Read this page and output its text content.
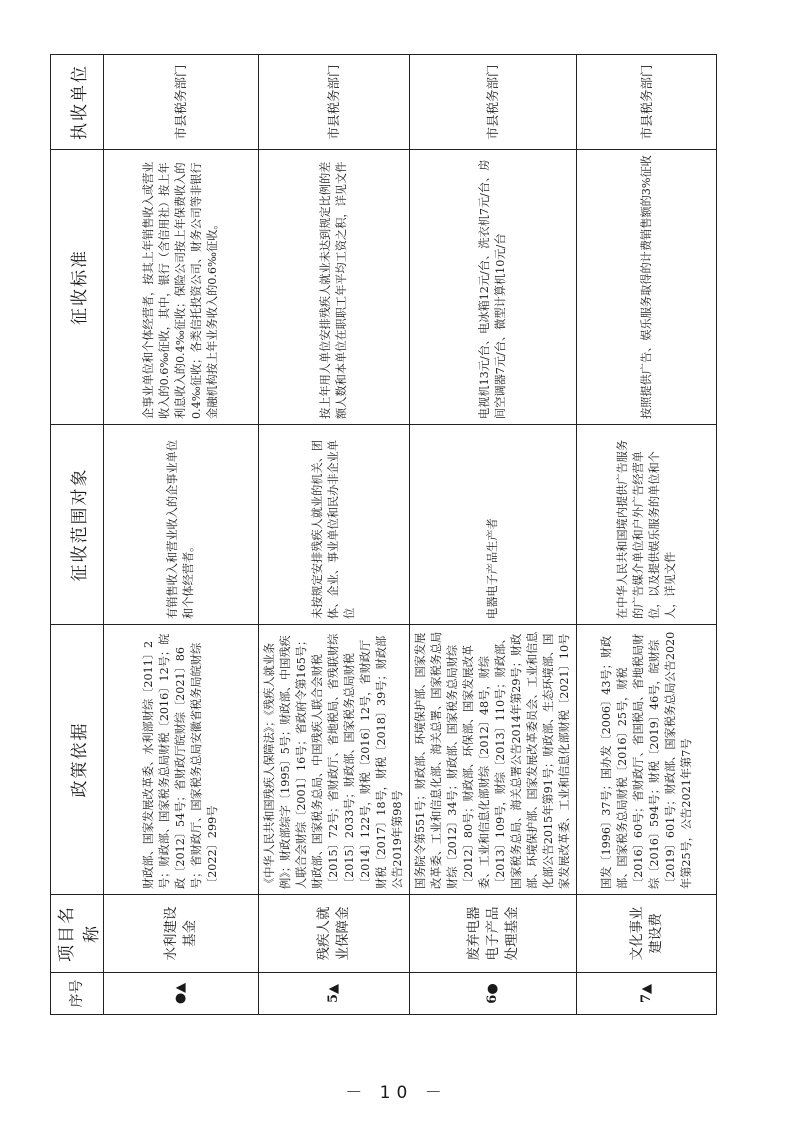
序号	项目名称	政策依据	征收范围对象	征收标准	执收单位
●▲	水利建设基金	财政部、国家发展改革委、水利部财综〔2011〕2号；财政部、国家税务总局财税〔2016〕12号；皖政〔2012〕54号；省财政厅皖财综〔2021〕86号；省财政厅、国家税务总局安徽省税务局皖财综〔2022〕299号	有销售收入和营业收入的企事业单位和个体经营者。	企事业单位和个体经营者，按其上年销售收入或营业收入的0.6‰征收，其中，银行（含信用社）按上年利息收入的0.4‰征收；保险公司按上年保费收入的0.4‰征收；各类信托投资公司、财务公司等非银行金融机构按上年业务收入的0.6‰征收。	市县税务部门
5▲	残疾人就业保障金	《中华人民共和国残疾人保障法》；《残疾人就业条例》；财政部综字〔1995〕5号；财政部、中国残疾人联合会财综〔2001〕16号；省政府令第165号；财政部、国家税务总局、中国残疾人联合会财税〔2015〕72号；省财政厅、省地税局、省残联财综〔2015〕2033号；财政部、国家税务总局财税〔2014〕122号，财税〔2016〕12号，省财政厅财税〔2017〕18号，财税〔2018〕39号；财政部公告2019年第98号	未按规定安排残疾人就业的机关、团体、企业、事业单位和民办非企业单位	按上年用人单位安排残疾人就业未达到规定比例的差额人数和本单位在职职工年平均工资之积，详见文件	市县税务部门
6●	废弃电器电子产品处理基金	国务院令第551号；财政部、环境保护部、国家发展改革委、工业和信息化部、海关总署、国家税务总局财综〔2012〕34号；财政部、国家税务总局财综〔2012〕80号；财政部、环保部、国家发展改革委、工业和信息化部财综〔2012〕48号，财综〔2013〕109号，财综〔2013〕110号；财政部、国家税务总局、海关总署公告2014年第29号；财政部、环境保护部、国家发展改革委员会、工业和信息化部公告2015年第91号；财政部、生态环境部、国家发展改革委、工业和信息化部财税〔2021〕10号	电器电子产品生产者	电视机13元/台、电冰箱12元/台、洗衣机7元/台、房间空调器7元/台、微型计算机10元/台	市县税务部门
7▲	文化事业建设费	国发〔1996〕37号；国办发〔2006〕43号；财政部、国家税务总局财税〔2016〕25号，财税〔2016〕60号；省财政厅、省国税局、省地税局财综〔2016〕594号；财税〔2019〕46号，皖财综〔2019〕601号；财政部、国家税务总局公告2020年第25号，公告2021年第7号	在中华人民共和国境内提供广告服务的广告媒介单位和户外广告经营单位，以及提供娱乐服务的单位和个人，详见文件	按照提供广告、娱乐服务取得的计费销售额的3%征收	市县税务部门
－ 10 －
